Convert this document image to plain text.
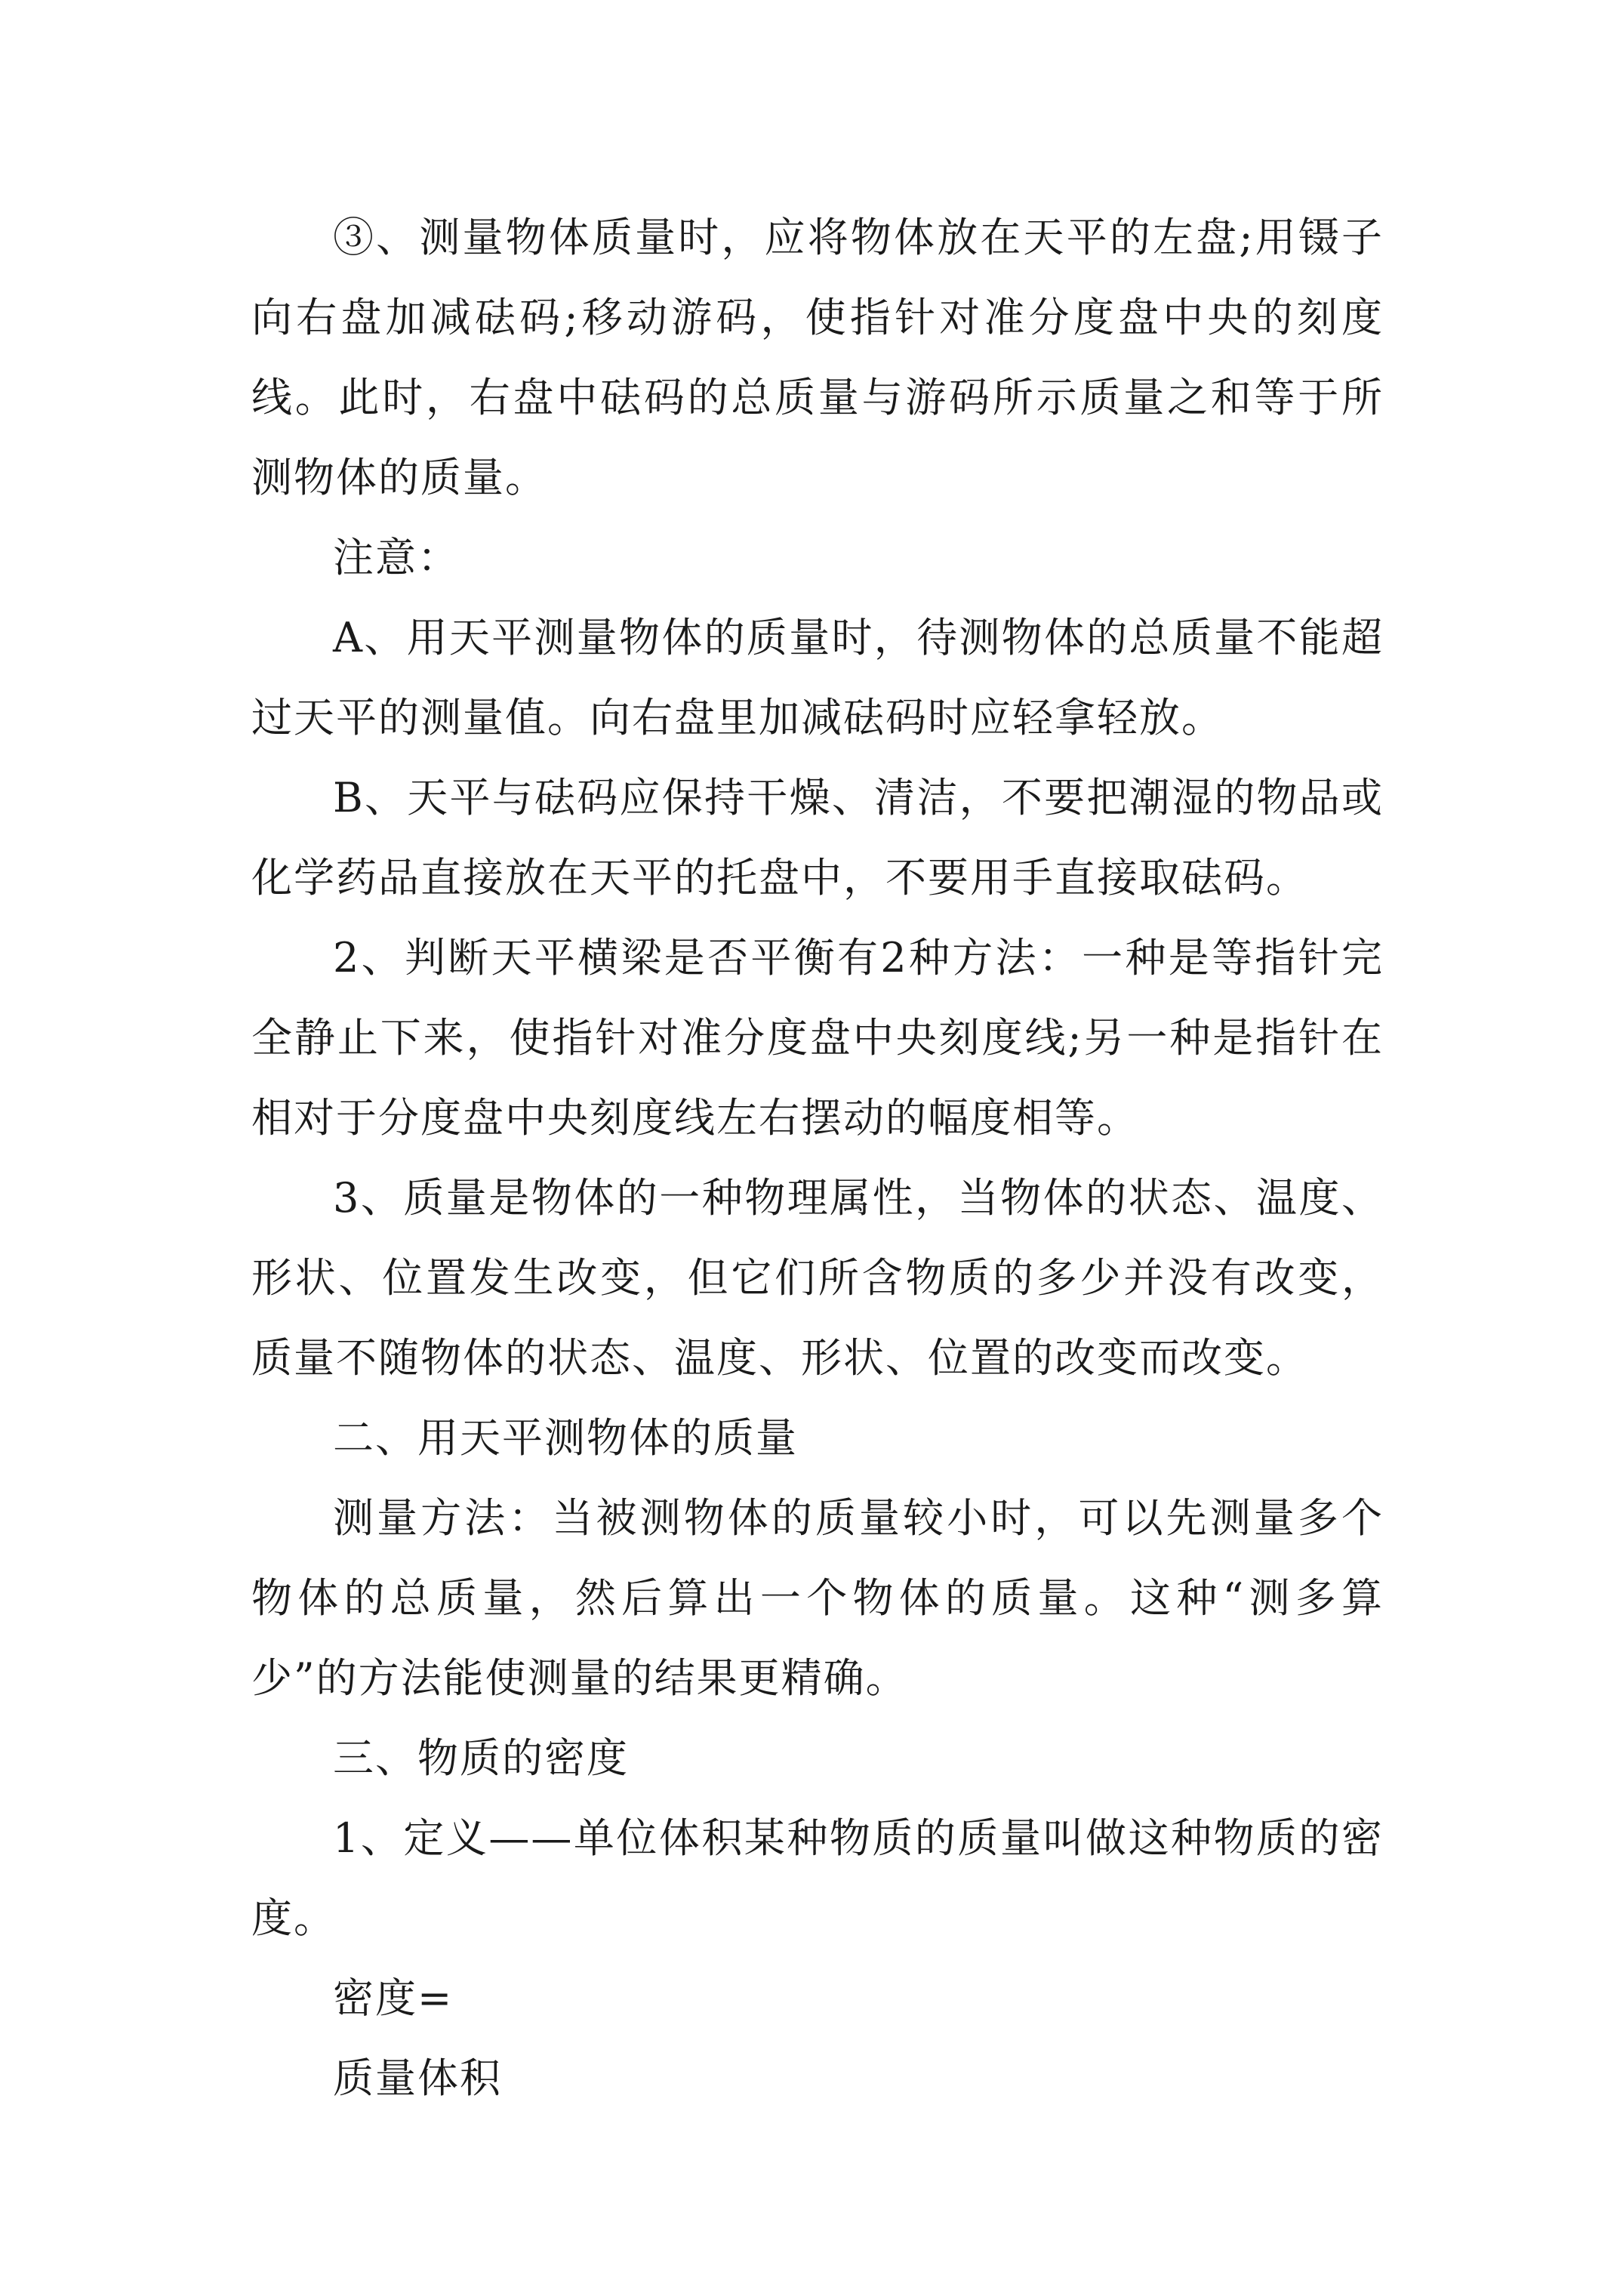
③、测量物体质量时，应将物体放在天平的左盘;用镊子向右盘加减砝码;移动游码，使指针对准分度盘中央的刻度线。此时，右盘中砝码的总质量与游码所示质量之和等于所测物体的质量。

注意：

A、用天平测量物体的质量时，待测物体的总质量不能超过天平的测量值。向右盘里加减砝码时应轻拿轻放。

B、天平与砝码应保持干燥、清洁，不要把潮湿的物品或化学药品直接放在天平的托盘中，不要用手直接取砝码。

2、判断天平横梁是否平衡有2种方法：一种是等指针完全静止下来，使指针对准分度盘中央刻度线;另一种是指针在相对于分度盘中央刻度线左右摆动的幅度相等。

3、质量是物体的一种物理属性，当物体的状态、温度、形状、位置发生改变，但它们所含物质的多少并没有改变，质量不随物体的状态、温度、形状、位置的改变而改变。

二、用天平测物体的质量

测量方法：当被测物体的质量较小时，可以先测量多个物体的总质量，然后算出一个物体的质量。这种“测多算少”的方法能使测量的结果更精确。

三、物质的密度

1、定义——单位体积某种物质的质量叫做这种物质的密度。

密度=

质量体积
